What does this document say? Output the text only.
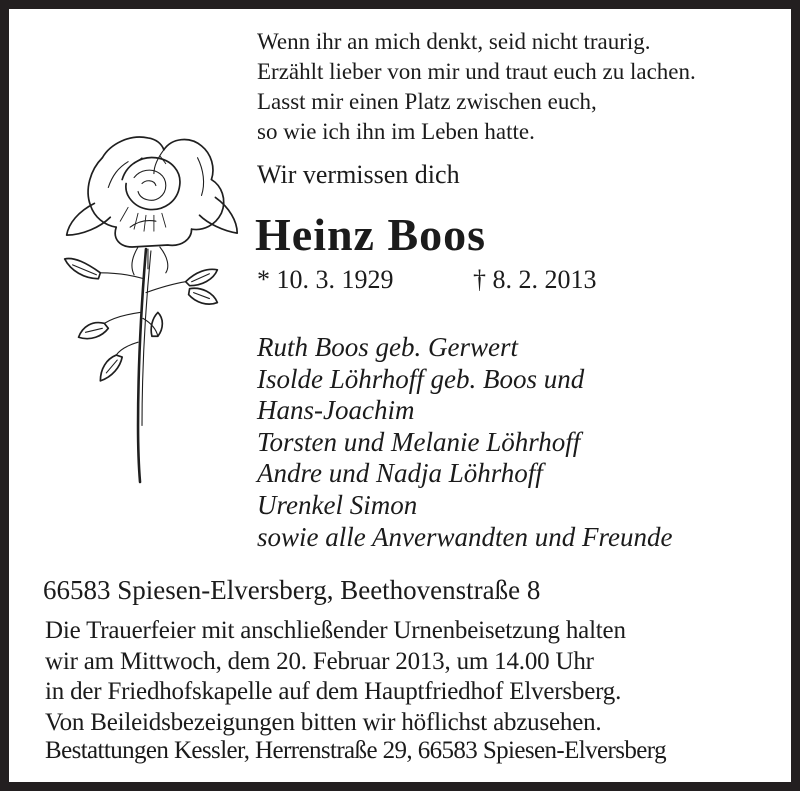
Wenn ihr an mich denkt, seid nicht traurig.
Erzählt lieber von mir und traut euch zu lachen.
Lasst mir einen Platz zwischen euch,
so wie ich ihn im Leben hatte.
Wir vermissen dich
Heinz Boos
* 10. 3. 1929	† 8. 2. 2013
Ruth Boos geb. Gerwert
Isolde Löhrhoff geb. Boos und
Hans-Joachim
Torsten und Melanie Löhrhoff
Andre und Nadja Löhrhoff
Urenkel Simon
sowie alle Anverwandten und Freunde
66583 Spiesen-Elversberg, Beethovenstraße 8
Die Trauerfeier mit anschließender Urnenbeisetzung halten
wir am Mittwoch, dem 20. Februar 2013, um 14.00 Uhr
in der Friedhofskapelle auf dem Hauptfriedhof Elversberg.
Von Beileidsbezeigungen bitten wir höflichst abzusehen.
Bestattungen Kessler, Herrenstraße 29, 66583 Spiesen-Elversberg
